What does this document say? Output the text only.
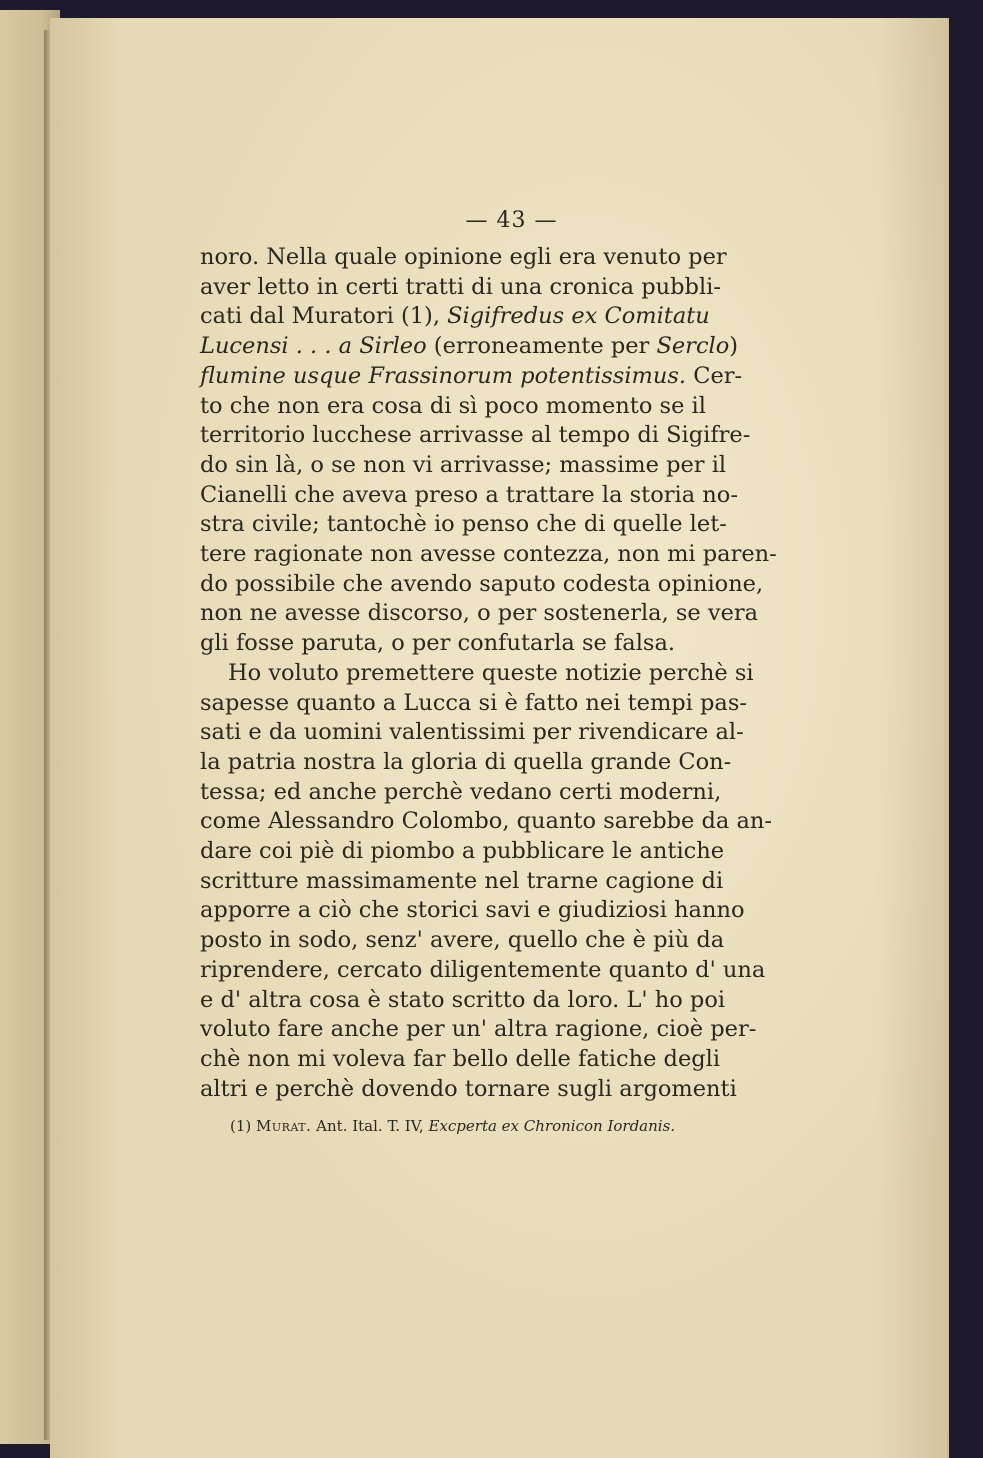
— 43 —
noro. Nella quale opinione egli era venuto per
aver letto in certi tratti di una cronica pubbli-
cati dal Muratori (1), Sigifredus ex Comitatu
Lucensi . . . a Sirleo (erroneamente per Serclo)
flumine usque Frassinorum potentissimus. Cer-
to che non era cosa di sì poco momento se il
territorio lucchese arrivasse al tempo di Sigifre-
do sin là, o se non vi arrivasse; massime per il
Cianelli che aveva preso a trattare la storia no-
stra civile; tantochè io penso che di quelle let-
tere ragionate non avesse contezza, non mi paren-
do possibile che avendo saputo codesta opinione,
non ne avesse discorso, o per sostenerla, se vera
gli fosse paruta, o per confutarla se falsa.
Ho voluto premettere queste notizie perchè si
sapesse quanto a Lucca si è fatto nei tempi pas-
sati e da uomini valentissimi per rivendicare al-
la patria nostra la gloria di quella grande Con-
tessa; ed anche perchè vedano certi moderni,
come Alessandro Colombo, quanto sarebbe da an-
dare coi piè di piombo a pubblicare le antiche
scritture massimamente nel trarne cagione di
apporre a ciò che storici savi e giudiziosi hanno
posto in sodo, senz' avere, quello che è più da
riprendere, cercato diligentemente quanto d' una
e d' altra cosa è stato scritto da loro. L' ho poi
voluto fare anche per un' altra ragione, cioè per-
chè non mi voleva far bello delle fatiche degli
altri e perchè dovendo tornare sugli argomenti
(1) Murat. Ant. Ital. T. IV, Excperta ex Chronicon Iordanis.
